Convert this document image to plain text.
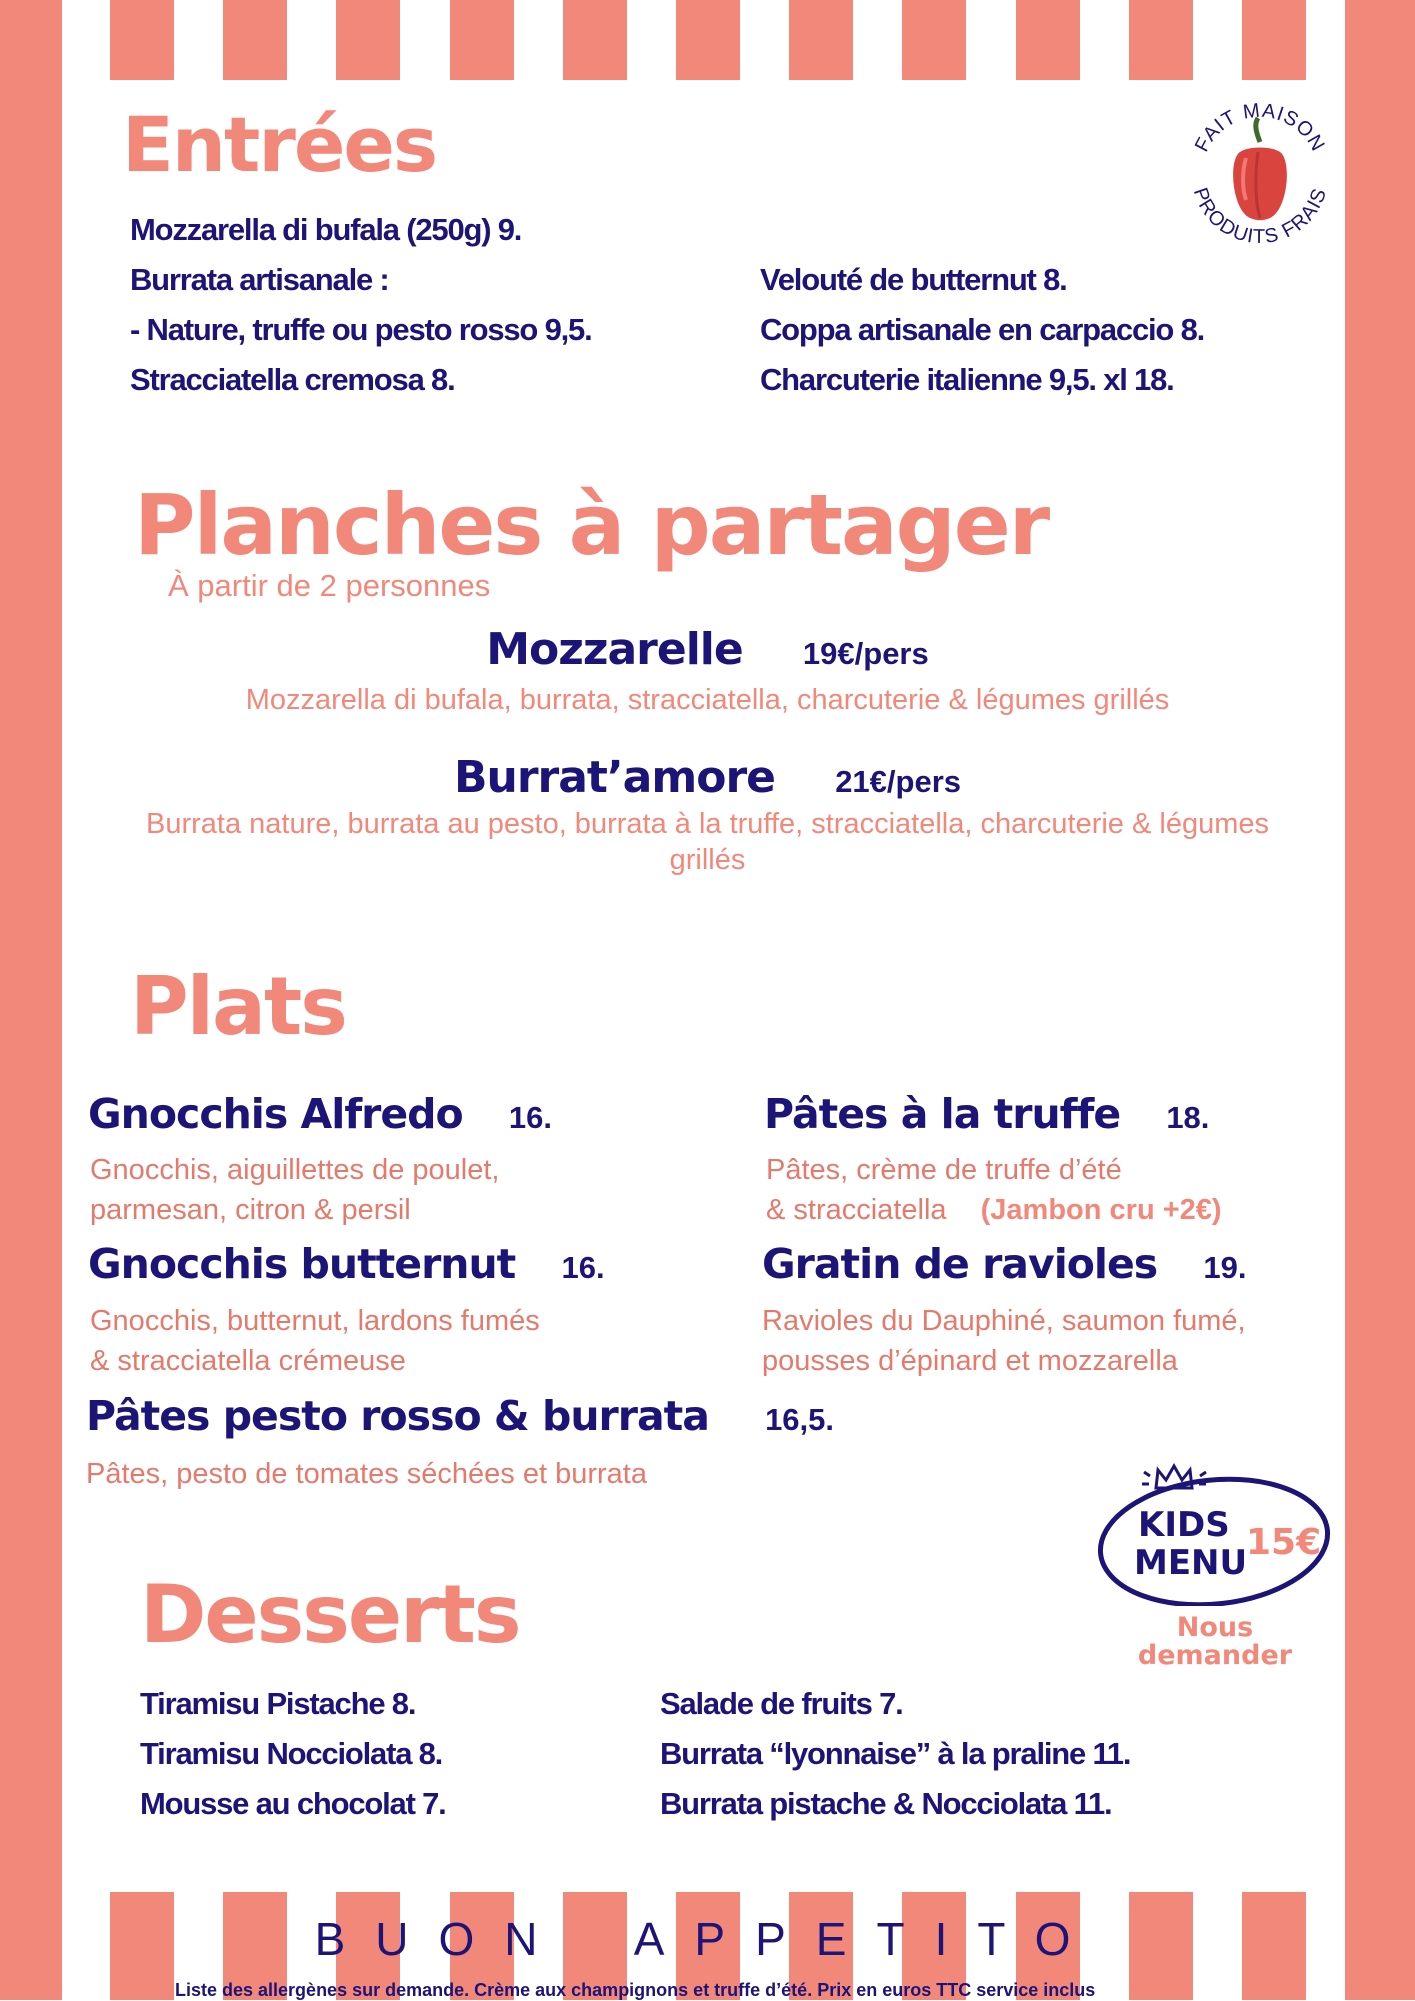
FAIT MAISON
PRODUITS FRAIS
Entrées
Mozzarella di bufala (250g) 9.
Burrata artisanale :
- Nature, truffe ou pesto rosso 9,5.
Stracciatella cremosa 8.
Velouté de butternut 8.
Coppa artisanale en carpaccio 8.
Charcuterie italienne 9,5. xl 18.
Planches à partager
À partir de 2 personnes
Mozzarelle 19€/pers
Mozzarella di bufala, burrata, stracciatella, charcuterie & légumes grillés
Burrat’amore 21€/pers
Burrata nature, burrata au pesto, burrata à la truffe, stracciatella, charcuterie & légumes grillés
Plats
Gnocchis Alfredo 16.
Gnocchis, aiguillettes de poulet,
parmesan, citron & persil
Pâtes à la truffe 18.
Pâtes, crème de truffe d’été
& stracciatella (Jambon cru +2€)
Gnocchis butternut 16.
Gnocchis, butternut, lardons fumés
& stracciatella crémeuse
Gratin de ravioles 19.
Ravioles du Dauphiné, saumon fumé,
pousses d’épinard et mozzarella
Pâtes pesto rosso & burrata 16,5.
Pâtes, pesto de tomates séchées et burrata
KIDS
MENU
15€
Nous
demander
Desserts
Tiramisu Pistache 8.
Tiramisu Nocciolata 8.
Mousse au chocolat 7.
Salade de fruits 7.
Burrata “lyonnaise” à la praline 11.
Burrata pistache & Nocciolata 11.
BUON APPETITO
Liste des allergènes sur demande. Crème aux champignons et truffe d’été. Prix en euros TTC service inclus
